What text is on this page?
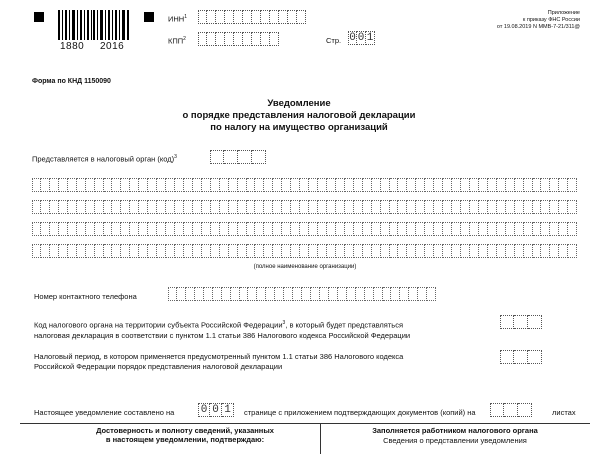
1880 2016
ИНН$^1$
КПП$^2$	Стр. 0 0 1
Приложение
к приказу ФНС России
от 19.08.2019 N ММВ-7-21/311@
Форма по КНД 1150090
Уведомление
о порядке представления налоговой декларации
по налогу на имущество организаций
Представляется в налоговый орган (код)$^3$
(полное наименование организации)
Номер контактного телефона
Код налогового органа на территории субъекта Российской Федерации$^3$, в который будет представляться
налоговая декларация в соответствии с пунктом 1.1 статьи 386 Налогового кодекса Российской Федерации
Налоговый период, в котором применяется предусмотренный пунктом 1.1 статьи 386 Налогового кодекса
Российской Федерации порядок представления налоговой декларации
Настоящее уведомление составлено на 0 0 1	странице с приложением подтверждающих документов (копий) на	листах
Достоверность и полноту сведений, указанных
в настоящем уведомлении, подтверждаю:
Заполняется работником налогового органа
Сведения о представлении уведомления
